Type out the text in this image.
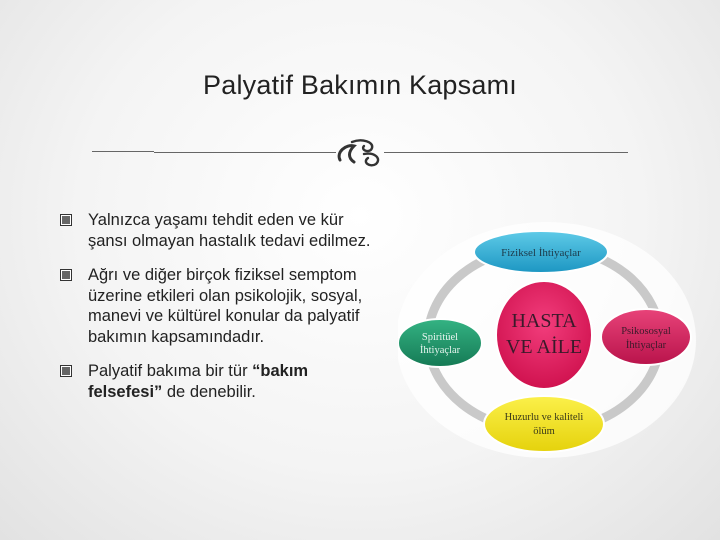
Palyatif Bakımın Kapsamı
Yalnızca yaşamı tehdit eden ve kür
şansı olmayan hastalık tedavi edilmez.
Ağrı ve diğer birçok fiziksel semptom
üzerine etkileri olan psikolojik, sosyal,
manevi ve kültürel konular da palyatif
bakımın kapsamındadır.
Palyatif bakıma bir tür “bakım
felsefesi” de denebilir.
HASTA
VE AİLE
Fiziksel İhtiyaçlar
Spiritüel
İhtiyaçlar
Psikososyal
İhtiyaçlar
Huzurlu ve kaliteli
ölüm
